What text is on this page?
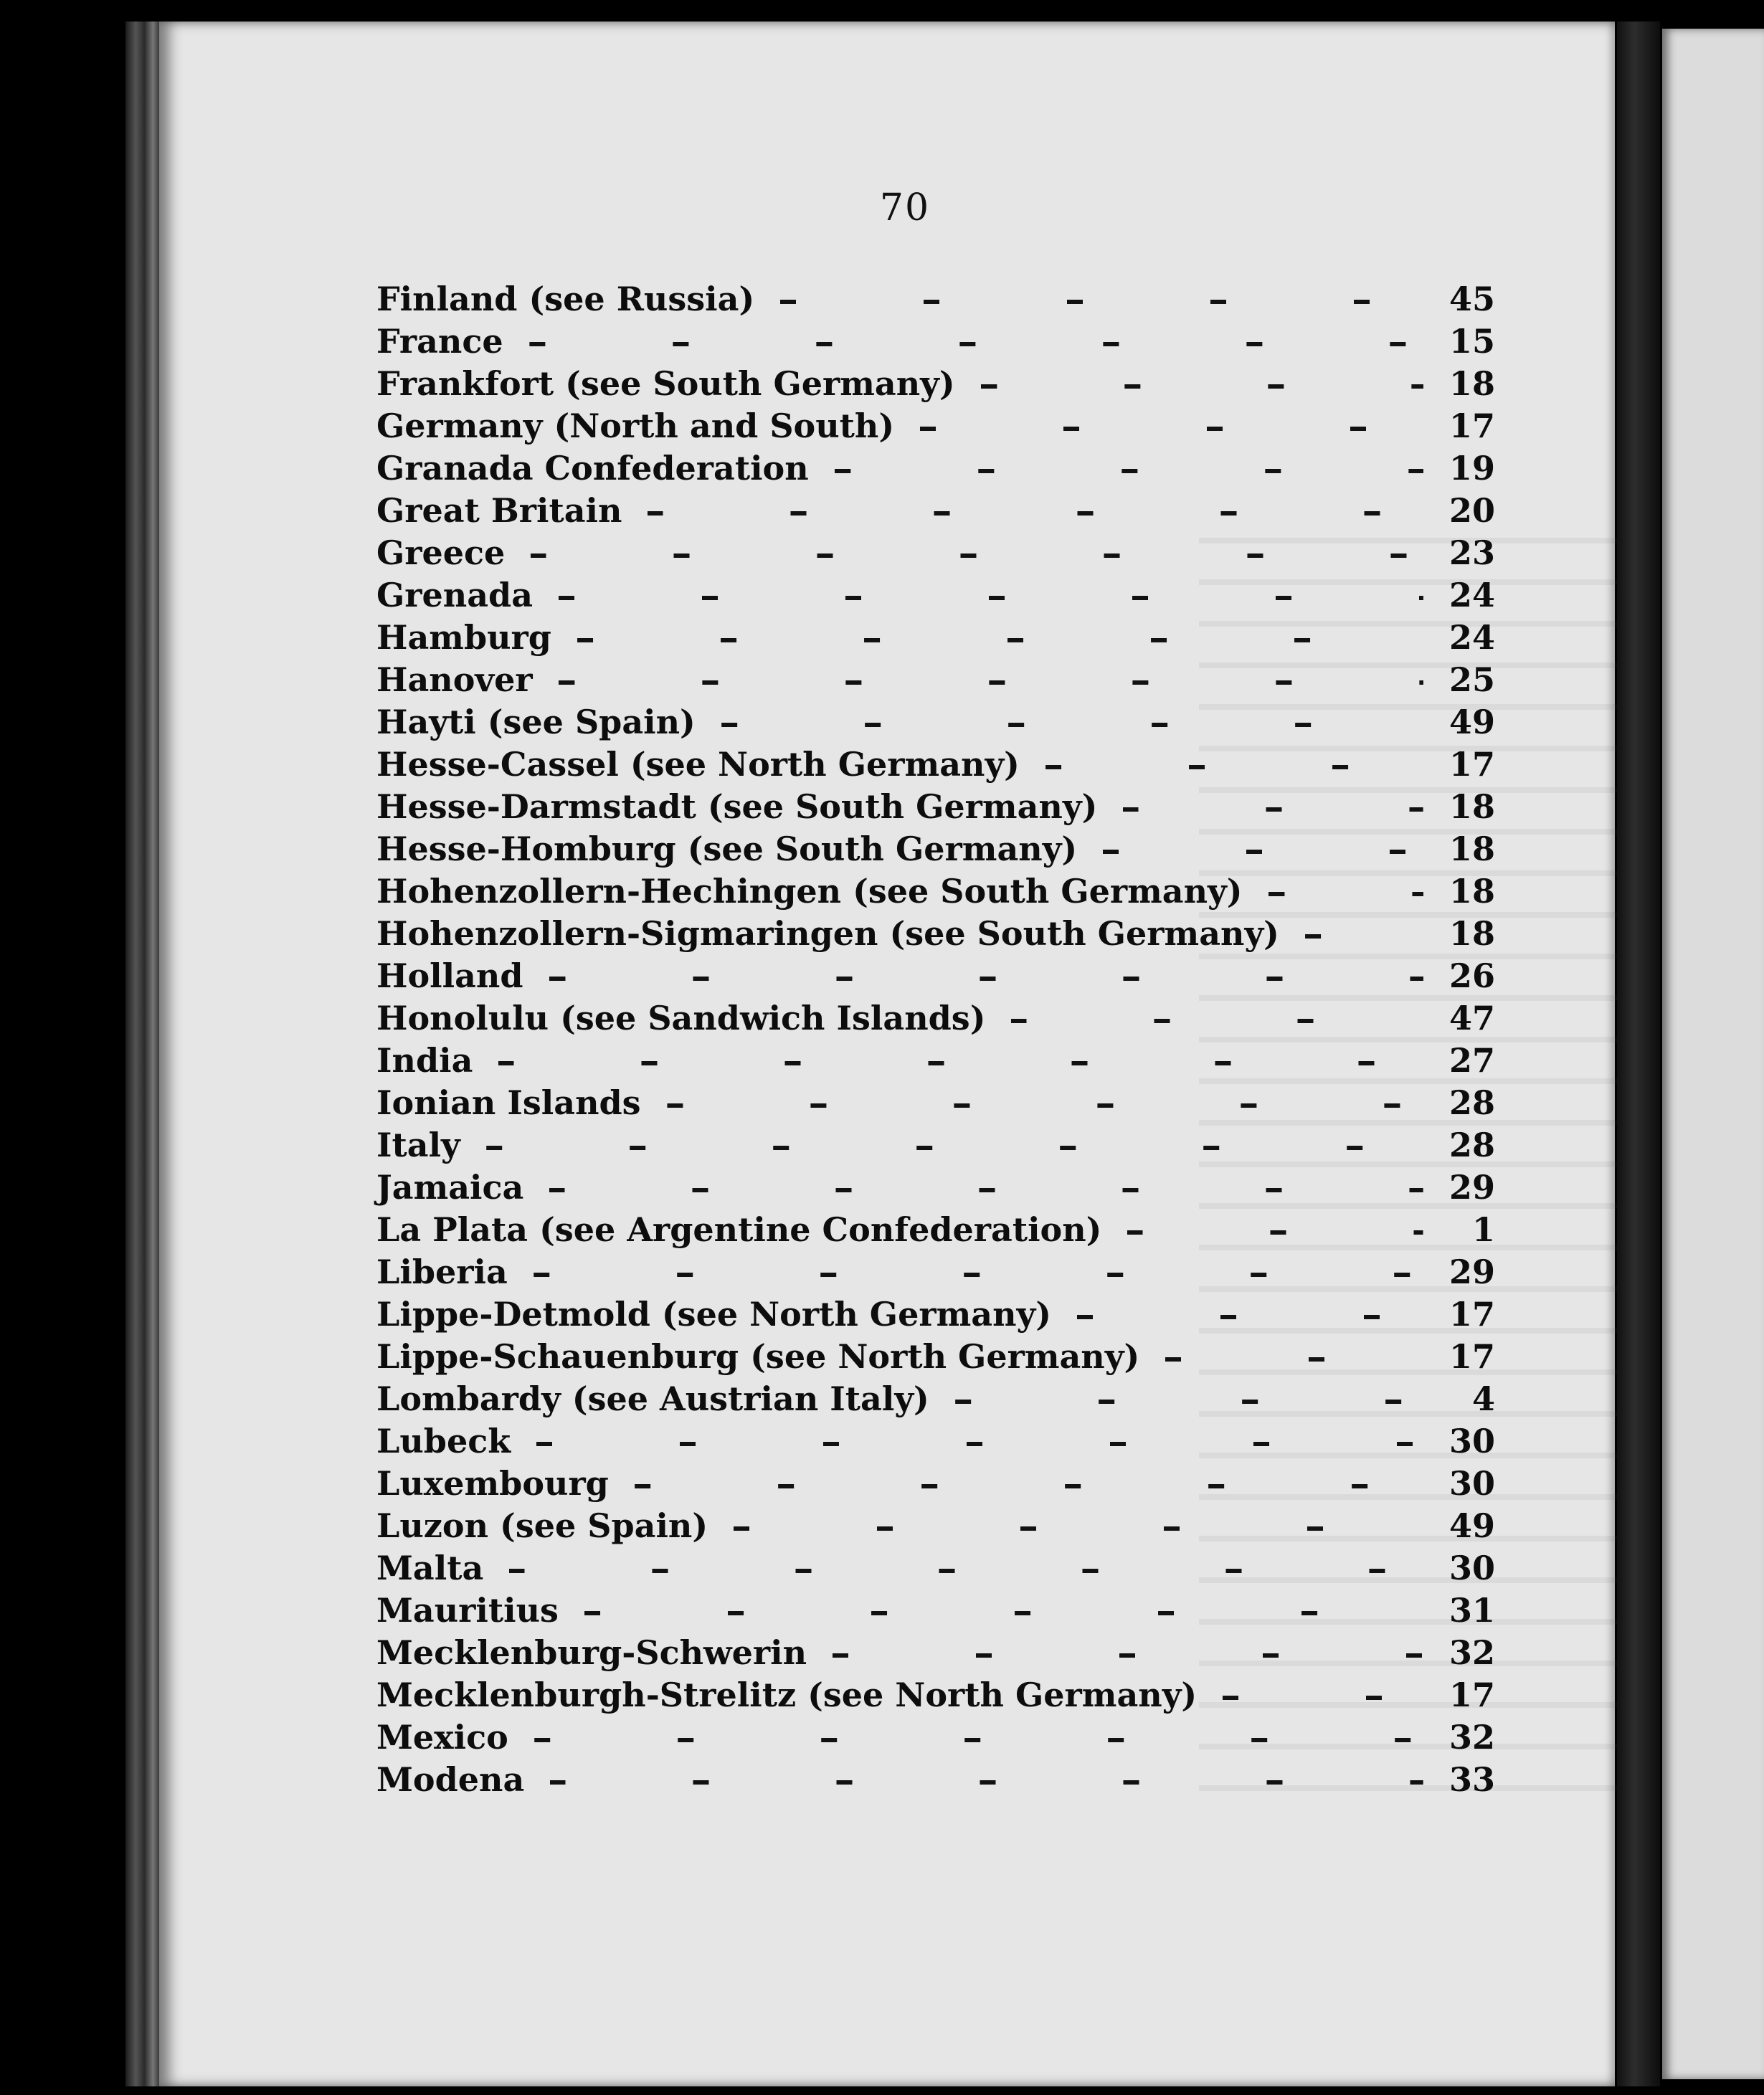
70
Finland (see Russia)	45
France	15
Frankfort (see South Germany)	18
Germany (North and South)	17
Granada Confederation	19
Great Britain	20
Greece	23
Grenada	24
Hamburg	24
Hanover	25
Hayti (see Spain)	49
Hesse-Cassel (see North Germany)	17
Hesse-Darmstadt (see South Germany)	18
Hesse-Homburg (see South Germany)	18
Hohenzollern-Hechingen (see South Germany)	18
Hohenzollern-Sigmaringen (see South Germany)	18
Holland	26
Honolulu (see Sandwich Islands)	47
India	27
Ionian Islands	28
Italy	28
Jamaica	29
La Plata (see Argentine Confederation)	1
Liberia	29
Lippe-Detmold (see North Germany)	17
Lippe-Schauenburg (see North Germany)	17
Lombardy (see Austrian Italy)	4
Lubeck	30
Luxembourg	30
Luzon (see Spain)	49
Malta	30
Mauritius	31
Mecklenburg-Schwerin	32
Mecklenburgh-Strelitz (see North Germany)	17
Mexico	32
Modena	33
